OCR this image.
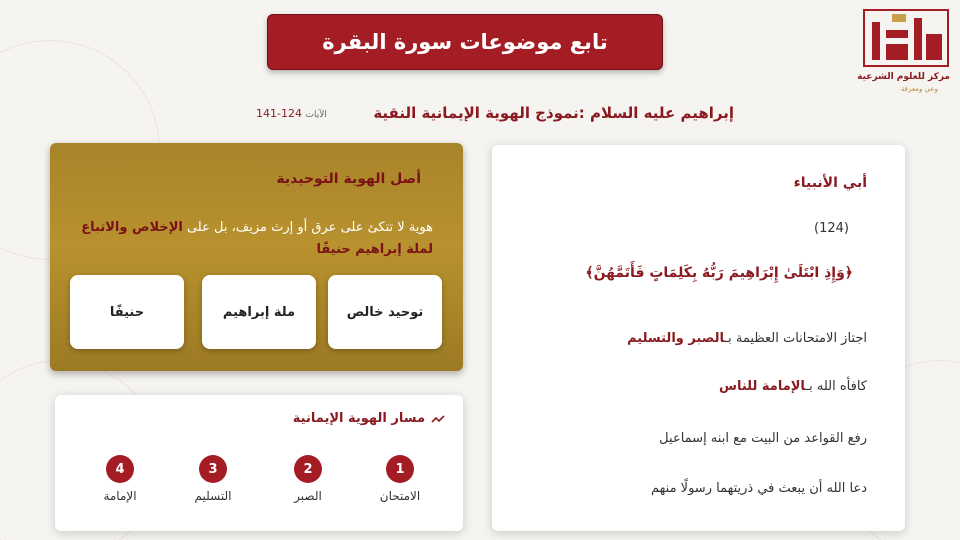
تابع موضوعات سورة البقرة
مركز للعلوم الشرعية
وعي ومعرفة
إبراهيم عليه السلام :نموذج الهوية الإيمانية النقية
الآيات 124-141
أبي الأنبياء
(124)
﴿وَإِذِ ابْتَلَىٰ إِبْرَاهِيمَ رَبُّهُ بِكَلِمَاتٍ فَأَتَمَّهُنَّ﴾
اجتاز الامتحانات العظيمة بـالصبر والتسليم
كافأه الله بـالإمامة للناس
رفع القواعد من البيت مع ابنه إسماعيل
دعا الله أن يبعث في ذريتهما رسولًا منهم
أصل الهوية التوحيدية
هوية لا تتكئ على عرق أو إرث مزيف، بل على الإخلاص والاتباع لملة إبراهيم حنيفًا
توحيد خالص
ملة إبراهيم
حنيفًا
مسار الهوية الإيمانية
1
الامتحان
2
الصبر
3
التسليم
4
الإمامة
